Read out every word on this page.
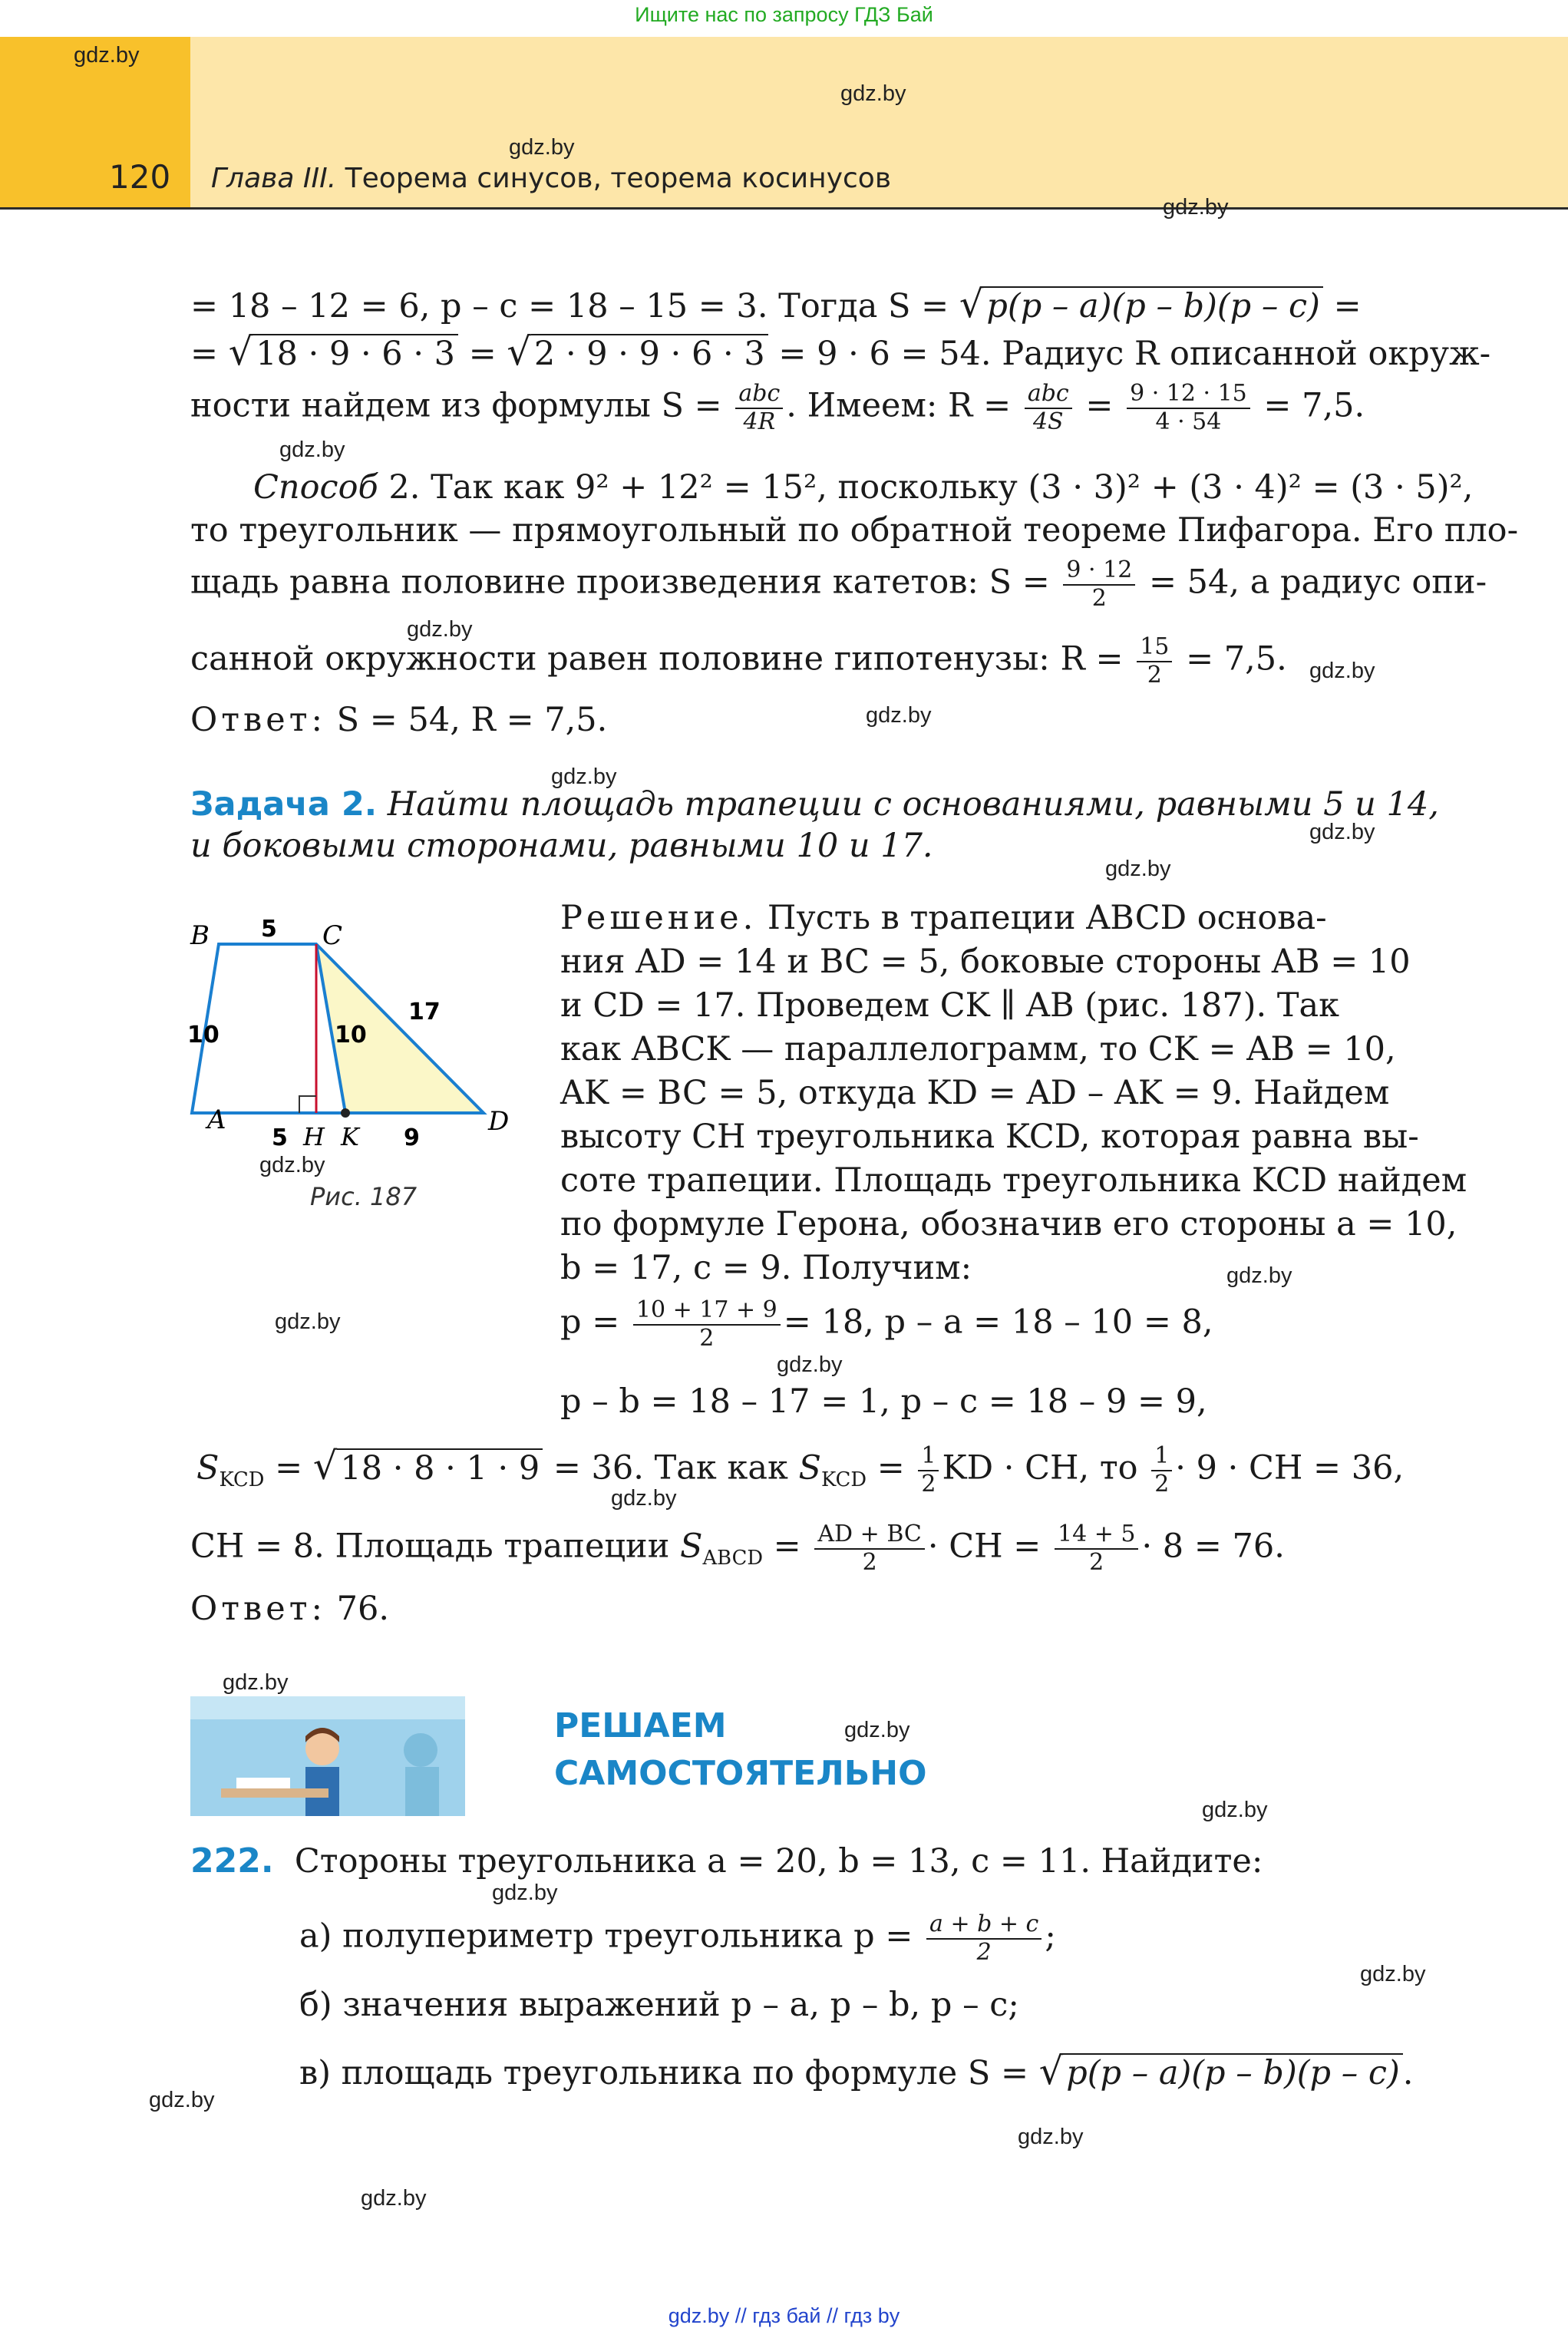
Ищите нас по запросу ГДЗ Бай
120 Глава III. Теорема синусов, теорема косинусов
gdz.by
gdz.by
gdz.by
gdz.by
gdz.by
gdz.by
gdz.by
gdz.by
gdz.by
gdz.by
gdz.by
gdz.by
gdz.by
gdz.by
gdz.by
gdz.by
gdz.by
gdz.by
gdz.by
gdz.by
gdz.by
gdz.by
gdz.by
gdz.by
= 18 – 12 = 6, p – c = 18 – 15 = 3. Тогда S = √p(p – a)(p – b)(p – c) =
= √18 · 9 · 6 · 3 = √2 · 9 · 9 · 6 · 3 = 9 · 6 = 54. Радиус R описанной окруж-
ности найдем из формулы $S = \frac{\text{abc}}{4R}$ . Имеем: $R = \frac{\text{abc}}{4S} = \frac{9 \cdot 12 \cdot 15}{4 \cdot 54} = 7,5$.
Способ 2. Так как 9² + 12² = 15², поскольку (3 · 3)² + (3 · 4)² = (3 · 5)²,
то треугольник — прямоугольный по обратной теореме Пифагора. Его пло-
щадь равна половине произведения катетов: $S = \frac{9 \cdot 12}{2} = 54$, а радиус опи-
санной окружности равен половине гипотенузы: $R = \frac{15}{2} = 7,5$.
Ответ: S = 54, R = 7,5.
Задача 2. Найти площадь трапеции с основаниями, равными 5 и 14,
и боковыми сторонами, равными 10 и 17.
B	C
A	D
H K
5
10	10
17
5	9
Рис. 187
Решение. Пусть в трапеции ABCD основа-
ния AD = 14 и BC = 5, боковые стороны AB = 10
и CD = 17. Проведем CK ∥ AB (рис. 187). Так
как ABCK — параллелограмм, то CK = AB = 10,
AK = BC = 5, откуда KD = AD – AK = 9. Найдем
высоту CH треугольника KCD, которая равна вы-
соте трапеции. Площадь треугольника KCD найдем
по формуле Герона, обозначив его стороны a = 10,
b = 17, c = 9. Получим:
$p = \frac{10 + 17 + 9}{2} = 18$, p – a = 18 – 10 = 8,
p – b = 18 – 17 = 1, p – c = 18 – 9 = 9,
$S_{KCD} = √18 \cdot 8 \cdot 1 \cdot 9 = 36$. Так как $S_{KCD} = \frac{1}{2}$ KD · CH, то $\frac{1}{2} \cdot 9$ · CH = 36,
CH = 8. Площадь трапеции $S_{ABCD} = \frac{AD + BC}{2}$ · CH = $\frac{14 + 5}{2} \cdot 8 = 76$.
Ответ: 76.
РЕШАЕМ
САМОСТОЯТЕЛЬНО
222. Стороны треугольника a = 20, b = 13, c = 11. Найдите:
а) полупериметр треугольника $p = \frac{a + b + c}{2}$ ;
б) значения выражений p – a, p – b, p – c;
в) площадь треугольника по формуле S = √p(p – a)(p – b)(p – c).
gdz.by // гдз бай // гдз by
